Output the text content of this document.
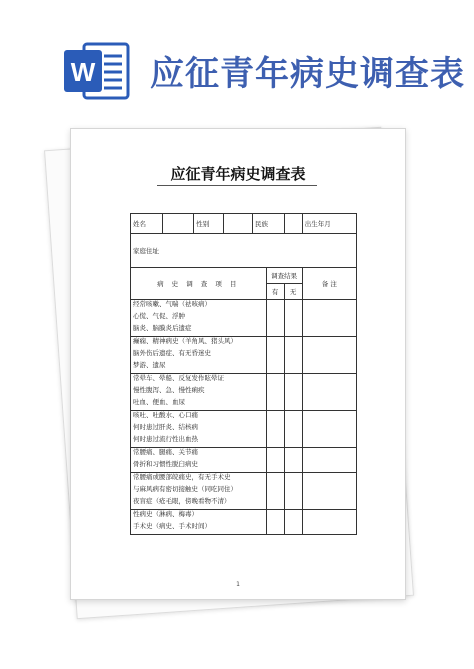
W 应征青年病史调查表
应征青年病史调查表
姓名		性别		民族			出生年月
家庭住址							
病 史 调 查 项 目					调查结果		备 注
					有	无	

经常咳嗽、气喘（祛咳病）
心慌、气促、浮肿
脑炎、脑膜炎后遗症							

癫痫、精神病史（羊角风、猪头风）
脑外伤后遗症、有无昏迷史
梦游、遗尿							

常晕车、晕船、反复发作眩晕证
慢性腹泻、急、慢性痢疾
吐血、便血、血尿							

咳吐、吐酸水、心口痛
何时患过肝炎、结核病
何时患过流行性出血热							

常腰痛、腿痛、关节痛
骨折和习惯性脱臼病史							

常腰痛或腰部皖痛史，有无手术史
与麻风病有密切接触史（同吃同住）
夜盲症（疮毛眼，傍晚看物不清）							

性病史（淋病、梅毒）
手术史（病史、手术时间）							

1
